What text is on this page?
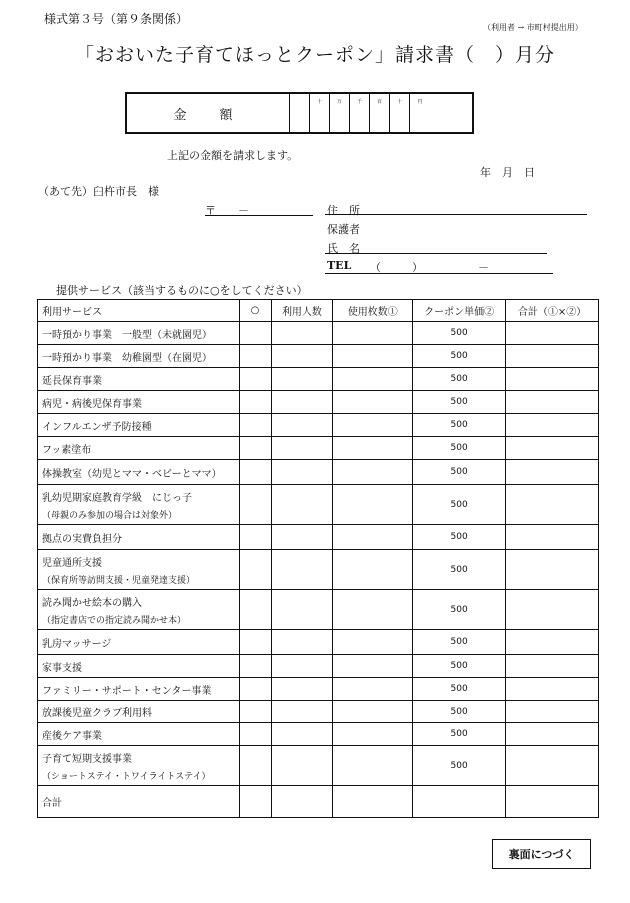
様式第３号（第９条関係）
（利用者 → 市町村提出用）
「おおいた子育てほっとクーポン」請求書（　）月分
金　額
十	万	千	百	十	円
上記の金額を請求します。
年　月　日
（あて先）臼杵市長　様
〒　　－	住　所
保護者
氏　名
TEL （	）	－
提供サービス（該当するものに○をしてください）
利用サービス	○	利用人数	使用枚数①	クーポン単価②	合計（①×②）
一時預かり事業　一般型（未就園児）				500	
一時預かり事業　幼稚園型（在園児）				500	
延長保育事業				500	
病児・病後児保育事業				500	
インフルエンザ予防接種				500	
フッ素塗布				500	
体操教室（幼児とママ・ベビーとママ）				500	
乳幼児期家庭教育学級　にじっ子
（母親のみ参加の場合は対象外）				500	
拠点の実費負担分				500	
児童通所支援
（保育所等訪問支援・児童発達支援）				500	
読み聞かせ絵本の購入
（指定書店での指定読み聞かせ本）				500	
乳房マッサージ				500	
家事支援				500	
ファミリー・サポート・センター事業				500	
放課後児童クラブ利用料				500	
産後ケア事業				500	
子育て短期支援事業
（ショートステイ・トワイライトステイ）				500	
合計					
裏面につづく
